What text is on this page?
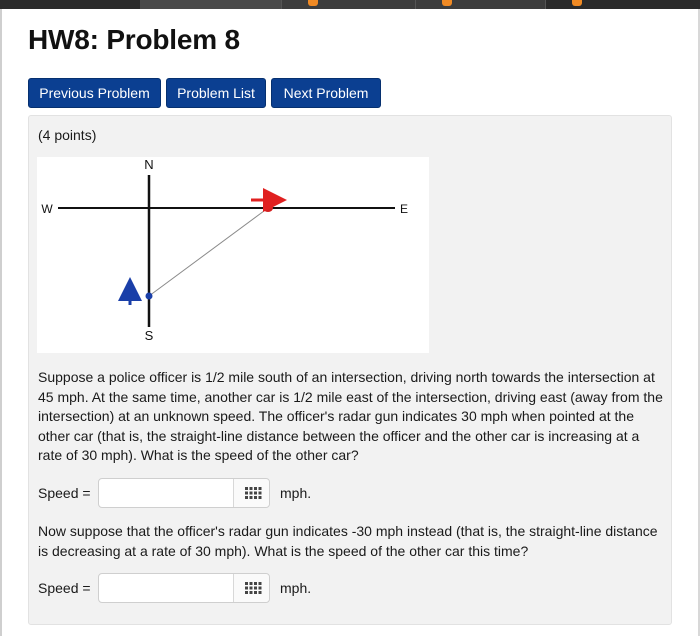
HW8: Problem 8
Previous Problem	Problem List	Next Problem
(4 points)
N
S
W	E

Suppose a police officer is 1/2 mile south of an intersection, driving north towards the intersection at 45 mph. At the same time, another car is 1/2 mile east of the intersection, driving east (away from the intersection) at an unknown speed. The officer's radar gun indicates 30 mph when pointed at the other car (that is, the straight-line distance between the officer and the other car is increasing at a rate of 30 mph). What is the speed of the other car?

Speed =	mph.

Now suppose that the officer's radar gun indicates -30 mph instead (that is, the straight-line distance is decreasing at a rate of 30 mph). What is the speed of the other car this time?

Speed =	mph.
